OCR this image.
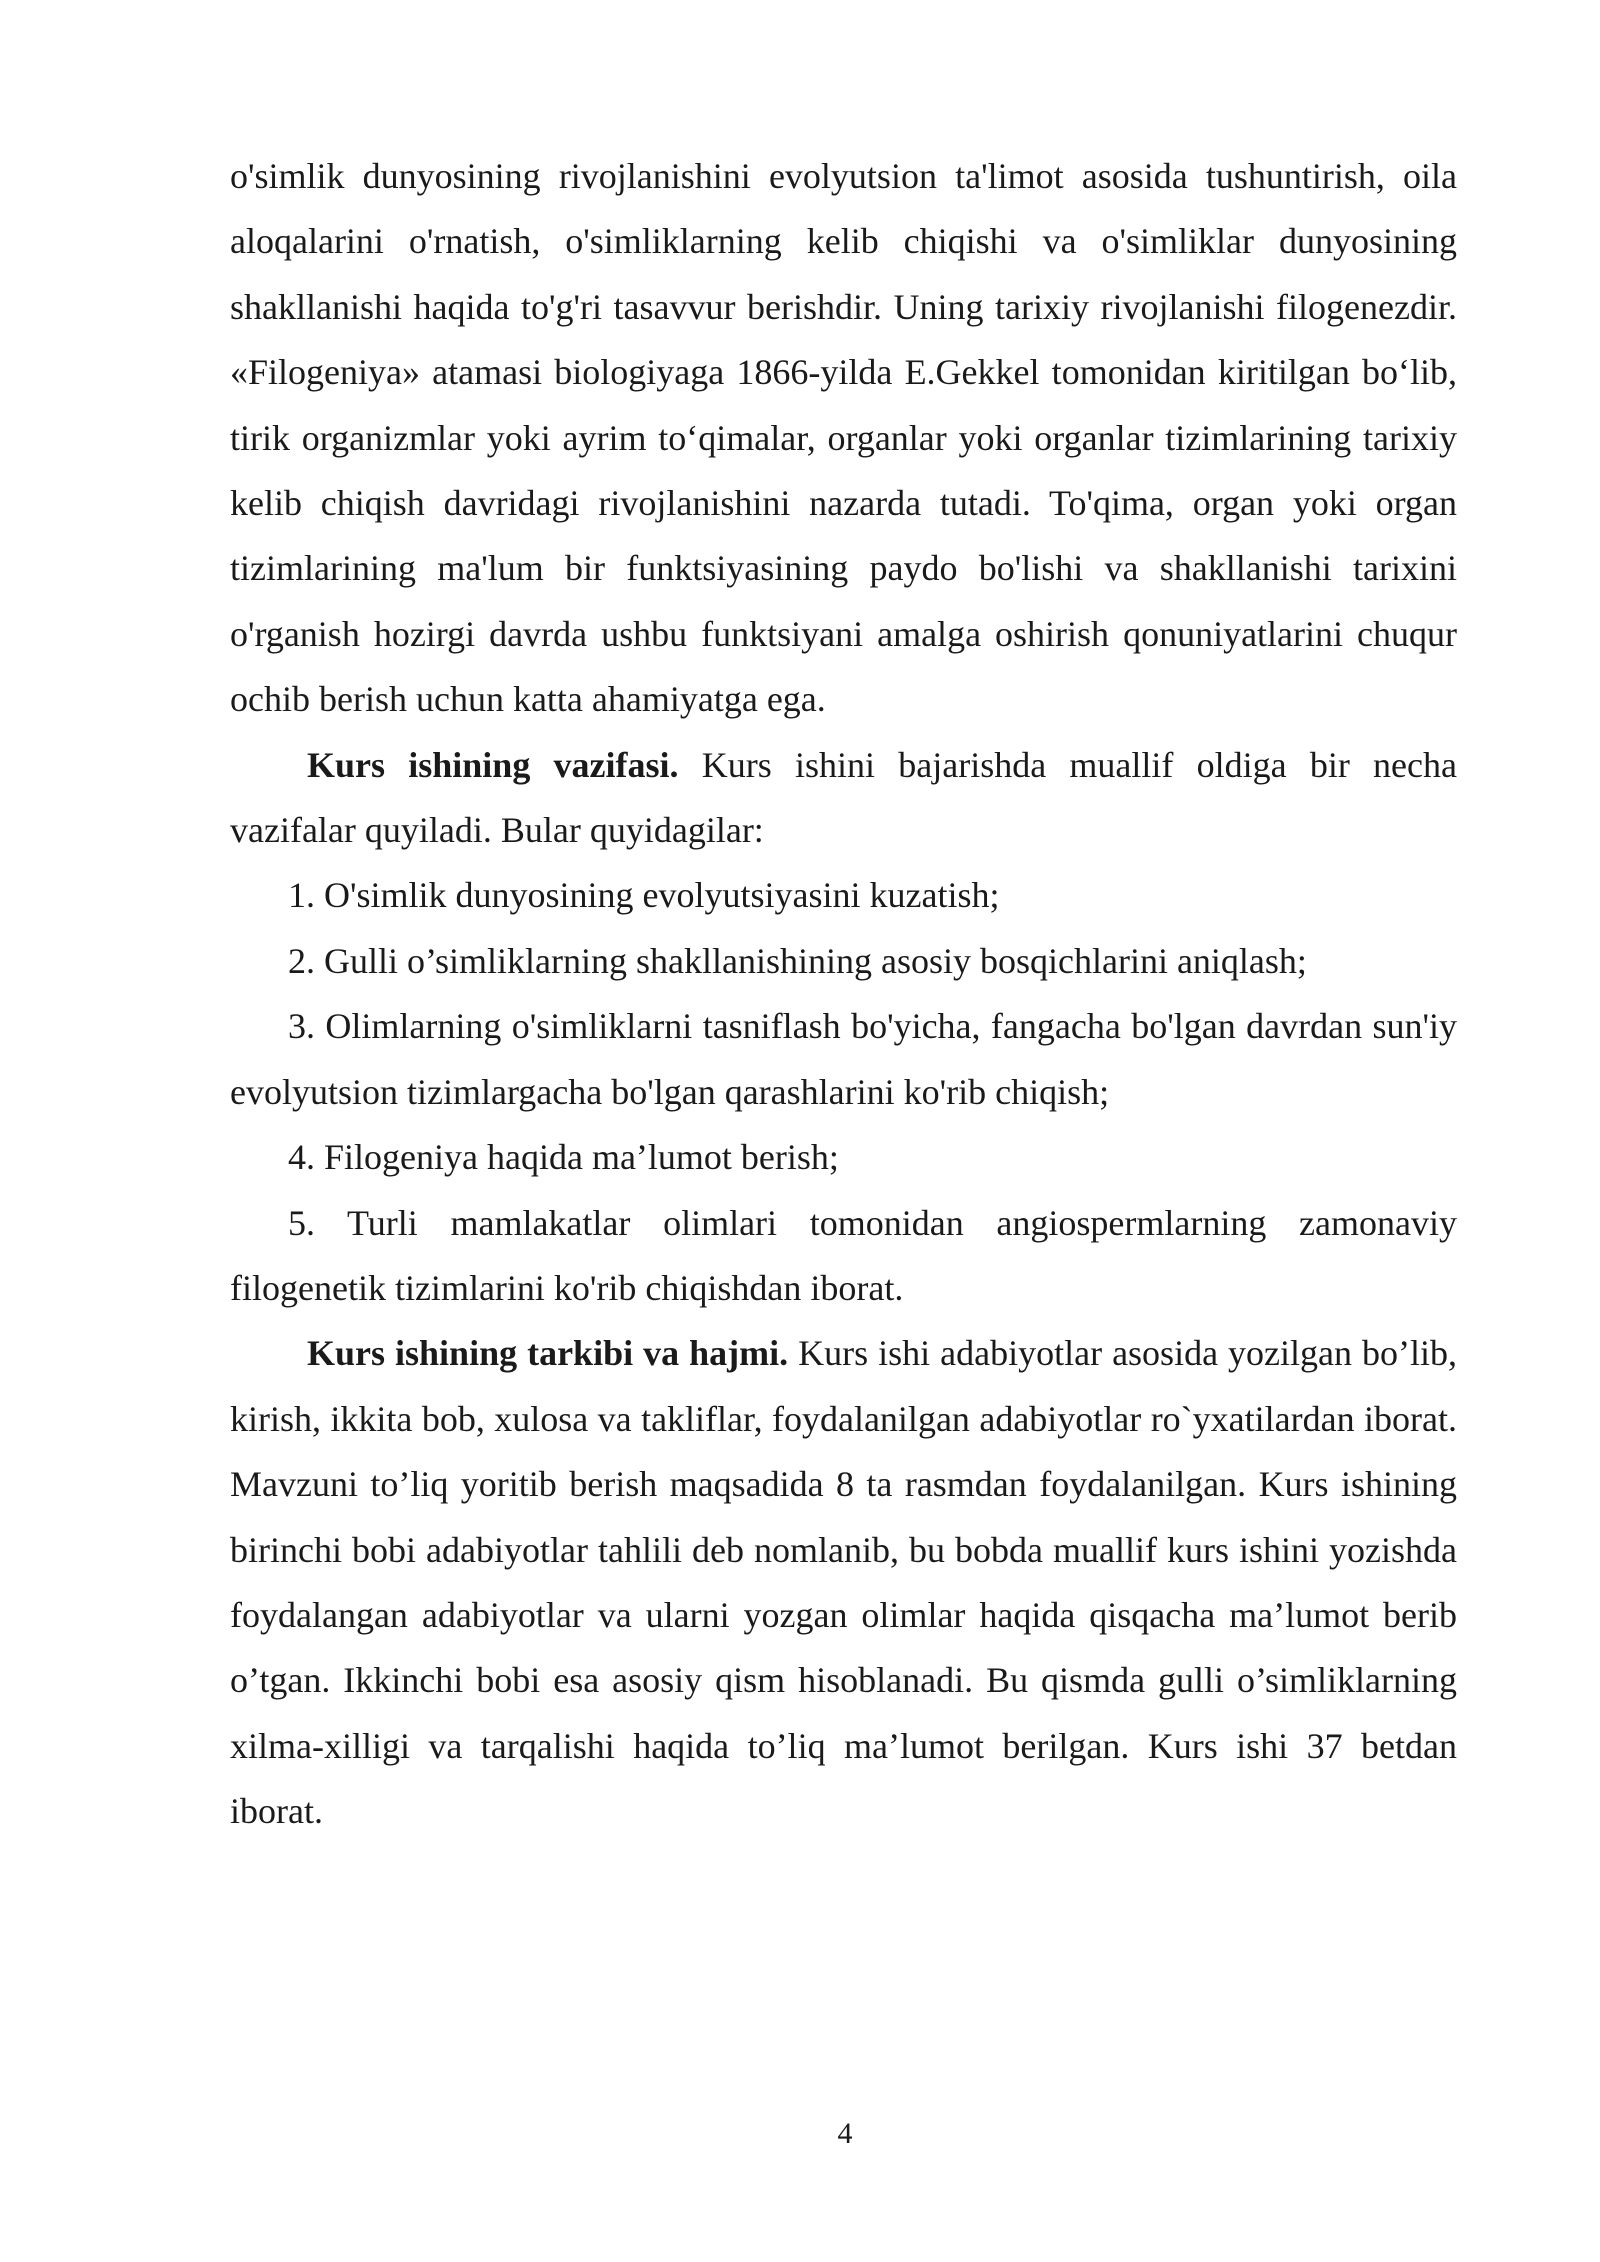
o'simlik dunyosining rivojlanishini evolyutsion ta'limot asosida tushuntirish, oila aloqalarini o'rnatish, o'simliklarning kelib chiqishi va o'simliklar dunyosining shakllanishi haqida to'g'ri tasavvur berishdir. Uning tarixiy rivojlanishi filogenezdir. «Filogeniya» atamasi biologiyaga 1866-yilda E.Gekkel tomonidan kiritilgan bo‘lib, tirik organizmlar yoki ayrim to‘qimalar, organlar yoki organlar tizimlarining tarixiy kelib chiqish davridagi rivojlanishini nazarda tutadi. To'qima, organ yoki organ tizimlarining ma'lum bir funktsiyasining paydo bo'lishi va shakllanishi tarixini o'rganish hozirgi davrda ushbu funktsiyani amalga oshirish qonuniyatlarini chuqur ochib berish uchun katta ahamiyatga ega.

Kurs ishining vazifasi. Kurs ishini bajarishda muallif oldiga bir necha vazifalar quyiladi. Bular quyidagilar:

1. O'simlik dunyosining evolyutsiyasini kuzatish;

2. Gulli o’simliklarning shakllanishining asosiy bosqichlarini aniqlash;

3. Olimlarning o'simliklarni tasniflash bo'yicha, fangacha bo'lgan davrdan sun'iy evolyutsion tizimlargacha bo'lgan qarashlarini ko'rib chiqish;

4. Filogeniya haqida ma’lumot berish;

5. Turli mamlakatlar olimlari tomonidan angiospermlarning zamonaviy filogenetik tizimlarini ko'rib chiqishdan iborat.

Kurs ishining tarkibi va hajmi. Kurs ishi adabiyotlar asosida yozilgan bo’lib, kirish, ikkita bob, xulosa va takliflar, foydalanilgan adabiyotlar ro`yxatilardan iborat. Mavzuni to’liq yoritib berish maqsadida 8 ta rasmdan foydalanilgan. Kurs ishining birinchi bobi adabiyotlar tahlili deb nomlanib, bu bobda muallif kurs ishini yozishda foydalangan adabiyotlar va ularni yozgan olimlar haqida qisqacha ma’lumot berib o’tgan. Ikkinchi bobi esa asosiy qism hisoblanadi. Bu qismda gulli o’simliklarning xilma-xilligi va tarqalishi haqida to’liq ma’lumot berilgan. Kurs ishi 37 betdan iborat.

4
